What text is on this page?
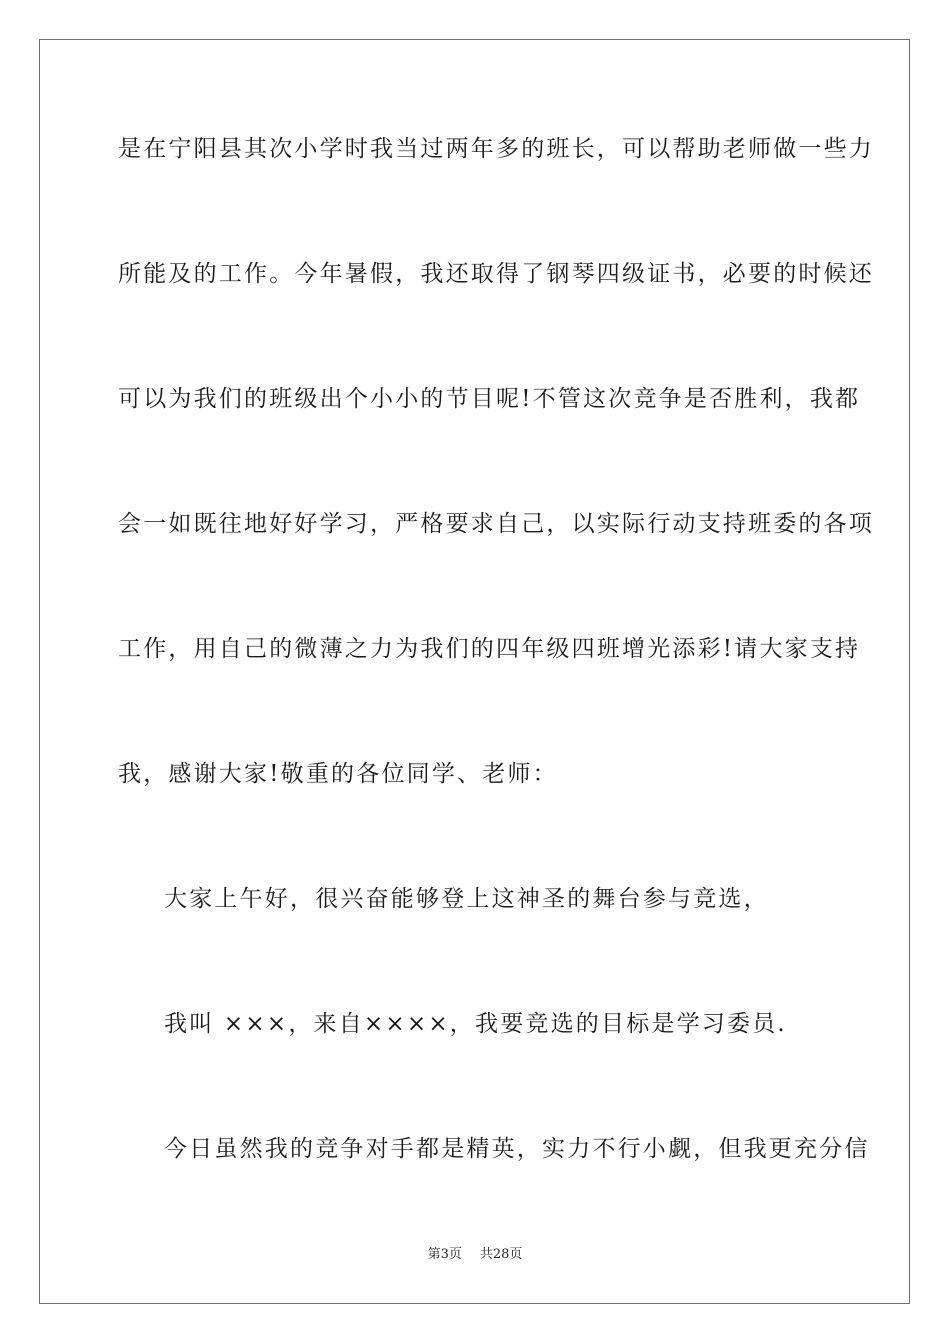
是在宁阳县其次小学时我当过两年多的班长，可以帮助老师做一些力
所能及的工作。今年暑假，我还取得了钢琴四级证书，必要的时候还
可以为我们的班级出个小小的节目呢!不管这次竞争是否胜利，我都
会一如既往地好好学习，严格要求自己，以实际行动支持班委的各项
工作，用自己的微薄之力为我们的四年级四班增光添彩!请大家支持
我，感谢大家!敬重的各位同学、老师：
大家上午好，很兴奋能够登上这神圣的舞台参与竞选，
我叫 ×××，来自××××，我要竞选的目标是学习委员.
今日虽然我的竞争对手都是精英，实力不行小觑，但我更充分信
第3页 共28页
